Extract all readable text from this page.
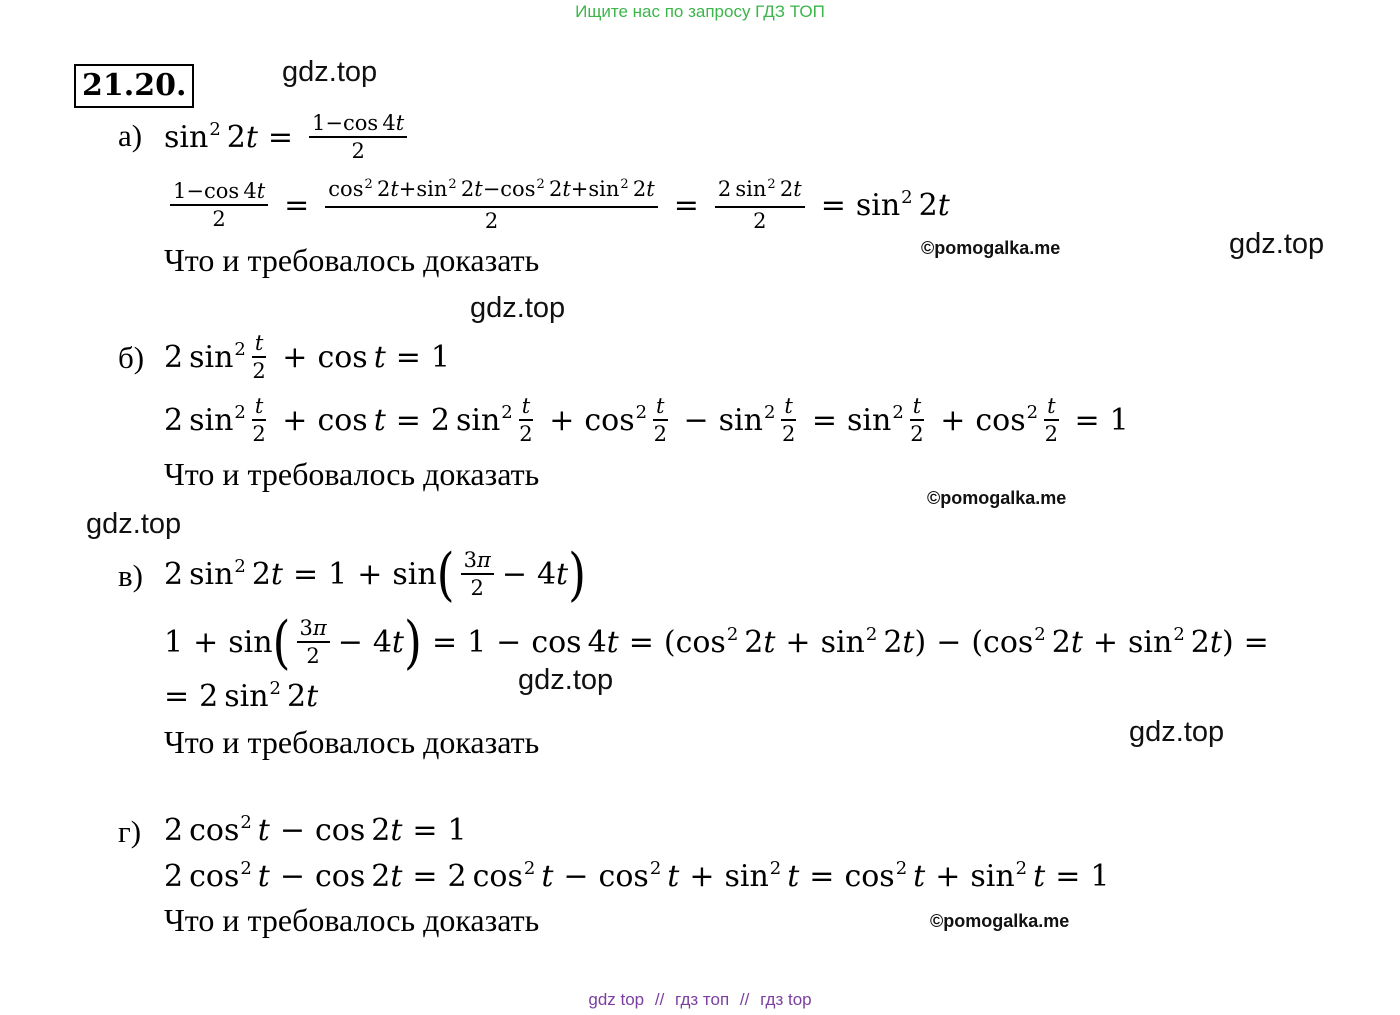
Ищите нас по запросу ГДЗ ТОП
21.20.	gdz.top
gdz.top
gdz.top
gdz.top
gdz.top
gdz.top
©pomogalka.me
©pomogalka.me
©pomogalka.me
а) $\sin^2 2t = \frac{1-\cos 4t}{2}$
$\frac{1-\cos 4t}{2} = \frac{\cos^2 2t+\sin^2 2t-\cos^2 2t+\sin^2 2t}{2} = \frac{2 \sin^2 2t}{2} = \sin^2 2t$
Что и требовалось доказать
б) 2 $\sin^2 \frac{t}{2} + \cos t = 1$
2 $\sin^2 \frac{t}{2} + \cos t = 2$ $\sin^2 \frac{t}{2} + \cos^2 \frac{t}{2} - \sin^2 \frac{t}{2} = \sin^2 \frac{t}{2} + \cos^2 \frac{t}{2} = 1$
Что и требовалось доказать
в) 2 $\sin^2 2t = 1 + \sin$ ( $\frac{3\pi}{2} - 4t$ )
1 + sin ( $\frac{3\pi}{2} - 4t$ ) = $1 - \cos 4t = (\cos^2$ $2t + \sin^2 2t) - (\cos^2$ $2t + \sin^2 2t$) =
= 2 $\sin^2 2t$
Что и требовалось доказать
г) 2 $\cos^2 t - \cos 2t = 1$
2 $\cos^2 t - \cos 2t = 2$ $\cos^2 t - \cos^2 t + \sin^2 t = \cos^2 t + \sin^2 t = 1$
Что и требовалось доказать
gdz top // гдз топ // гдз top
